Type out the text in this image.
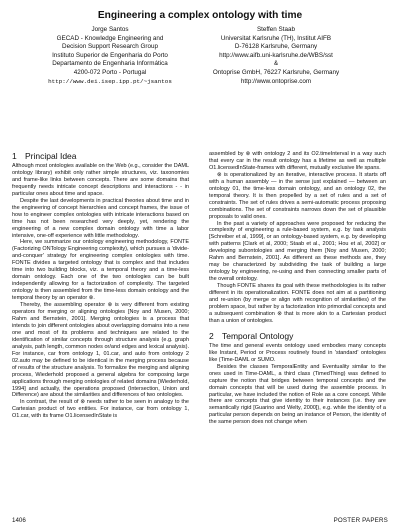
Engineering a complex ontology with time
Jorge Santos
GECAD - Knowledge Engineering and
Decision Support Research Group
Instituto Superior de Engenharia do Porto
Departamento de Engenharia Informática
4200-072 Porto - Portugal
http://www.dei.isep.ipp.pt/~jsantos
Steffen Staab
Universitat Karlsruhe (TH), Institut AIFB
D-76128 Karlsruhe, Germany
http://www.aifb.uni-karlsruhe.de/WBS/sst
&
Ontoprise GmbH, 76227 Karlsruhe, Germany
http://www.ontoprise.com
1 Principal Idea

Although most ontologies available on the Web (e.g., consider the DAML ontology library) exhibit only rather simple structures, viz. taxonomies and frame-like links between concepts. There are some domains that frequently needs intricate concept descriptions and interactions - - in particular ones about time and space.

Despite the last developments in practical theories about time and in the engineering of concept hierarchies and concept frames, the issue of how to engineer complex ontologies with intricate interactions based on time has not been researched very deeply, yet, rendering the engineering of a new complex domain ontology with time a labor intensive, one-off experience with little methodology.

Here, we summarize our ontology engineering methodology, FONTE (Factorizing ONTology Engineering complexity), which pursues a 'divide-and-conquer' strategy for engineering complex ontologies with time. FONTE divides a targeted ontology that is complex and that includes time into two building blocks, viz. a temporal theory and a time-less domain ontology. Each one of the two ontologies can be built independently allowing for a factorization of complexity. The targeted ontology is then assembled from the time-less domain ontology and the temporal theory by an operator ⊗.

Thereby, the assembling operator ⊗ is very different from existing operators for merging or aligning ontologies [Noy and Musen, 2000; Rahm and Bernstein, 2001]. Merging ontologies is a process that intends to join different ontologies about overlapping domains into a new one and most of its problems and techniques are related to the identification of similar concepts through structure analysis (e.g. graph analysis, path length, common nodes or/and edges and lexical analysis). For instance, car from ontology 1, 01.car, and auto from ontology 2 02.auto may be defined to be identical in the merging process because of results of the structure analysis. To formalize the merging and aligning process, Wiederhold proposed a general algebra for composing large applications through merging ontologies of related domains [Wiederhold, 1994] and actually, the operations proposed (Intersection, Union and Difference) are about the similarities and differences of two ontologies.

In contrast, the result of ⊗ needs rather to be seen in analogy to the Cartesian product of two entities. For instance, car from ontology 1, O1.car, with its frame O1.licensedInState is

assembled by ⊗ with ontology 2 and its O2.timeInterval in a way such that every car in the result ontology has a lifetime as well as multiple O1.licensedInState-frames with different, mutually exclusive life spans.

⊗ is operationalized by an iterative, interactive process. It starts off with a human assembly — in the sense just explained — between an ontology 01, the time-less domain ontology, and an ontology 02, the temporal theory. It is then propelled by a set of rules and a set of constraints. The set of rules drives a semi-automatic process proposing combinations. The set of constraints narrows down the set of plausible proposals to valid ones.

In the past a variety of approaches were proposed for reducing the complexity of engineering a rule-based system, e.g. by task analysis [Schreiber et al, 1999], or an ontology-based system, e.g. by developing with patterns [Clark et al, 2000; Staab et al., 2001; Hou et al, 2002] or developing subontologies and merging them [Noy and Musen, 2000; Rahm and Bernstein, 2001]. As different as these methods are, they may be characterized by subdividing the task of building a large ontology by engineering, re-using and then connecting smaller parts of the overall ontology.

Though FONTE shares its goal with these methodologies is its rather different in its operationalization. FONTE does not aim at a partitioning and re-union (by merge or align with recognition of similarities) of the problem space, but rather by a factorization into primordial concepts and a subsequent combination ⊗ that is more akin to a Cartesian product than a union of ontologies.

2 Temporal Ontology

The time and general events ontology used embodies many concepts like Instant, Period or Process routinely found in 'standard' ontologies like (Time-DAML or SUMO.

Besides the classes TemporalEntity and Eventuality similar to the ones used in Time-DAML, a third class (TimedThing) was defined to capture the notion that bridges between temporal concepts and the domain concepts that will be used during the assemble process. In particular, we have included the notion of Role as a core concept. While there are concepts that give identity to their instances (i.e. they are semantically rigid [Guarino and Welty, 2000]), e.g. while the identity of a particular person depends on being an instance of Person, the identity of the same person does not change when

1406	POSTER PAPERS
